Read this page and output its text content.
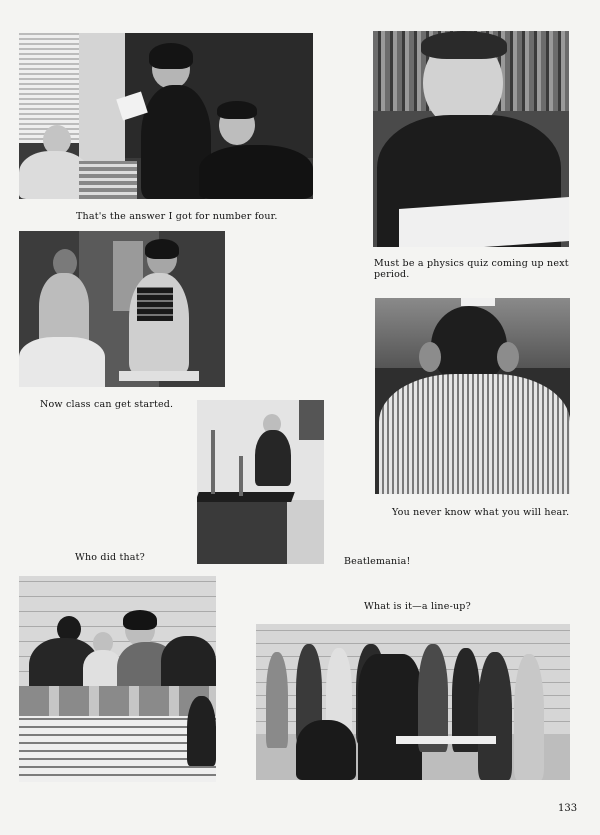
Must be a physics quiz coming up next
period.
That's the answer I got for number four.
Now class can get started.
You never know what you will hear.
Who did that?	Beatlemania!
What is it—a line-up?
133
